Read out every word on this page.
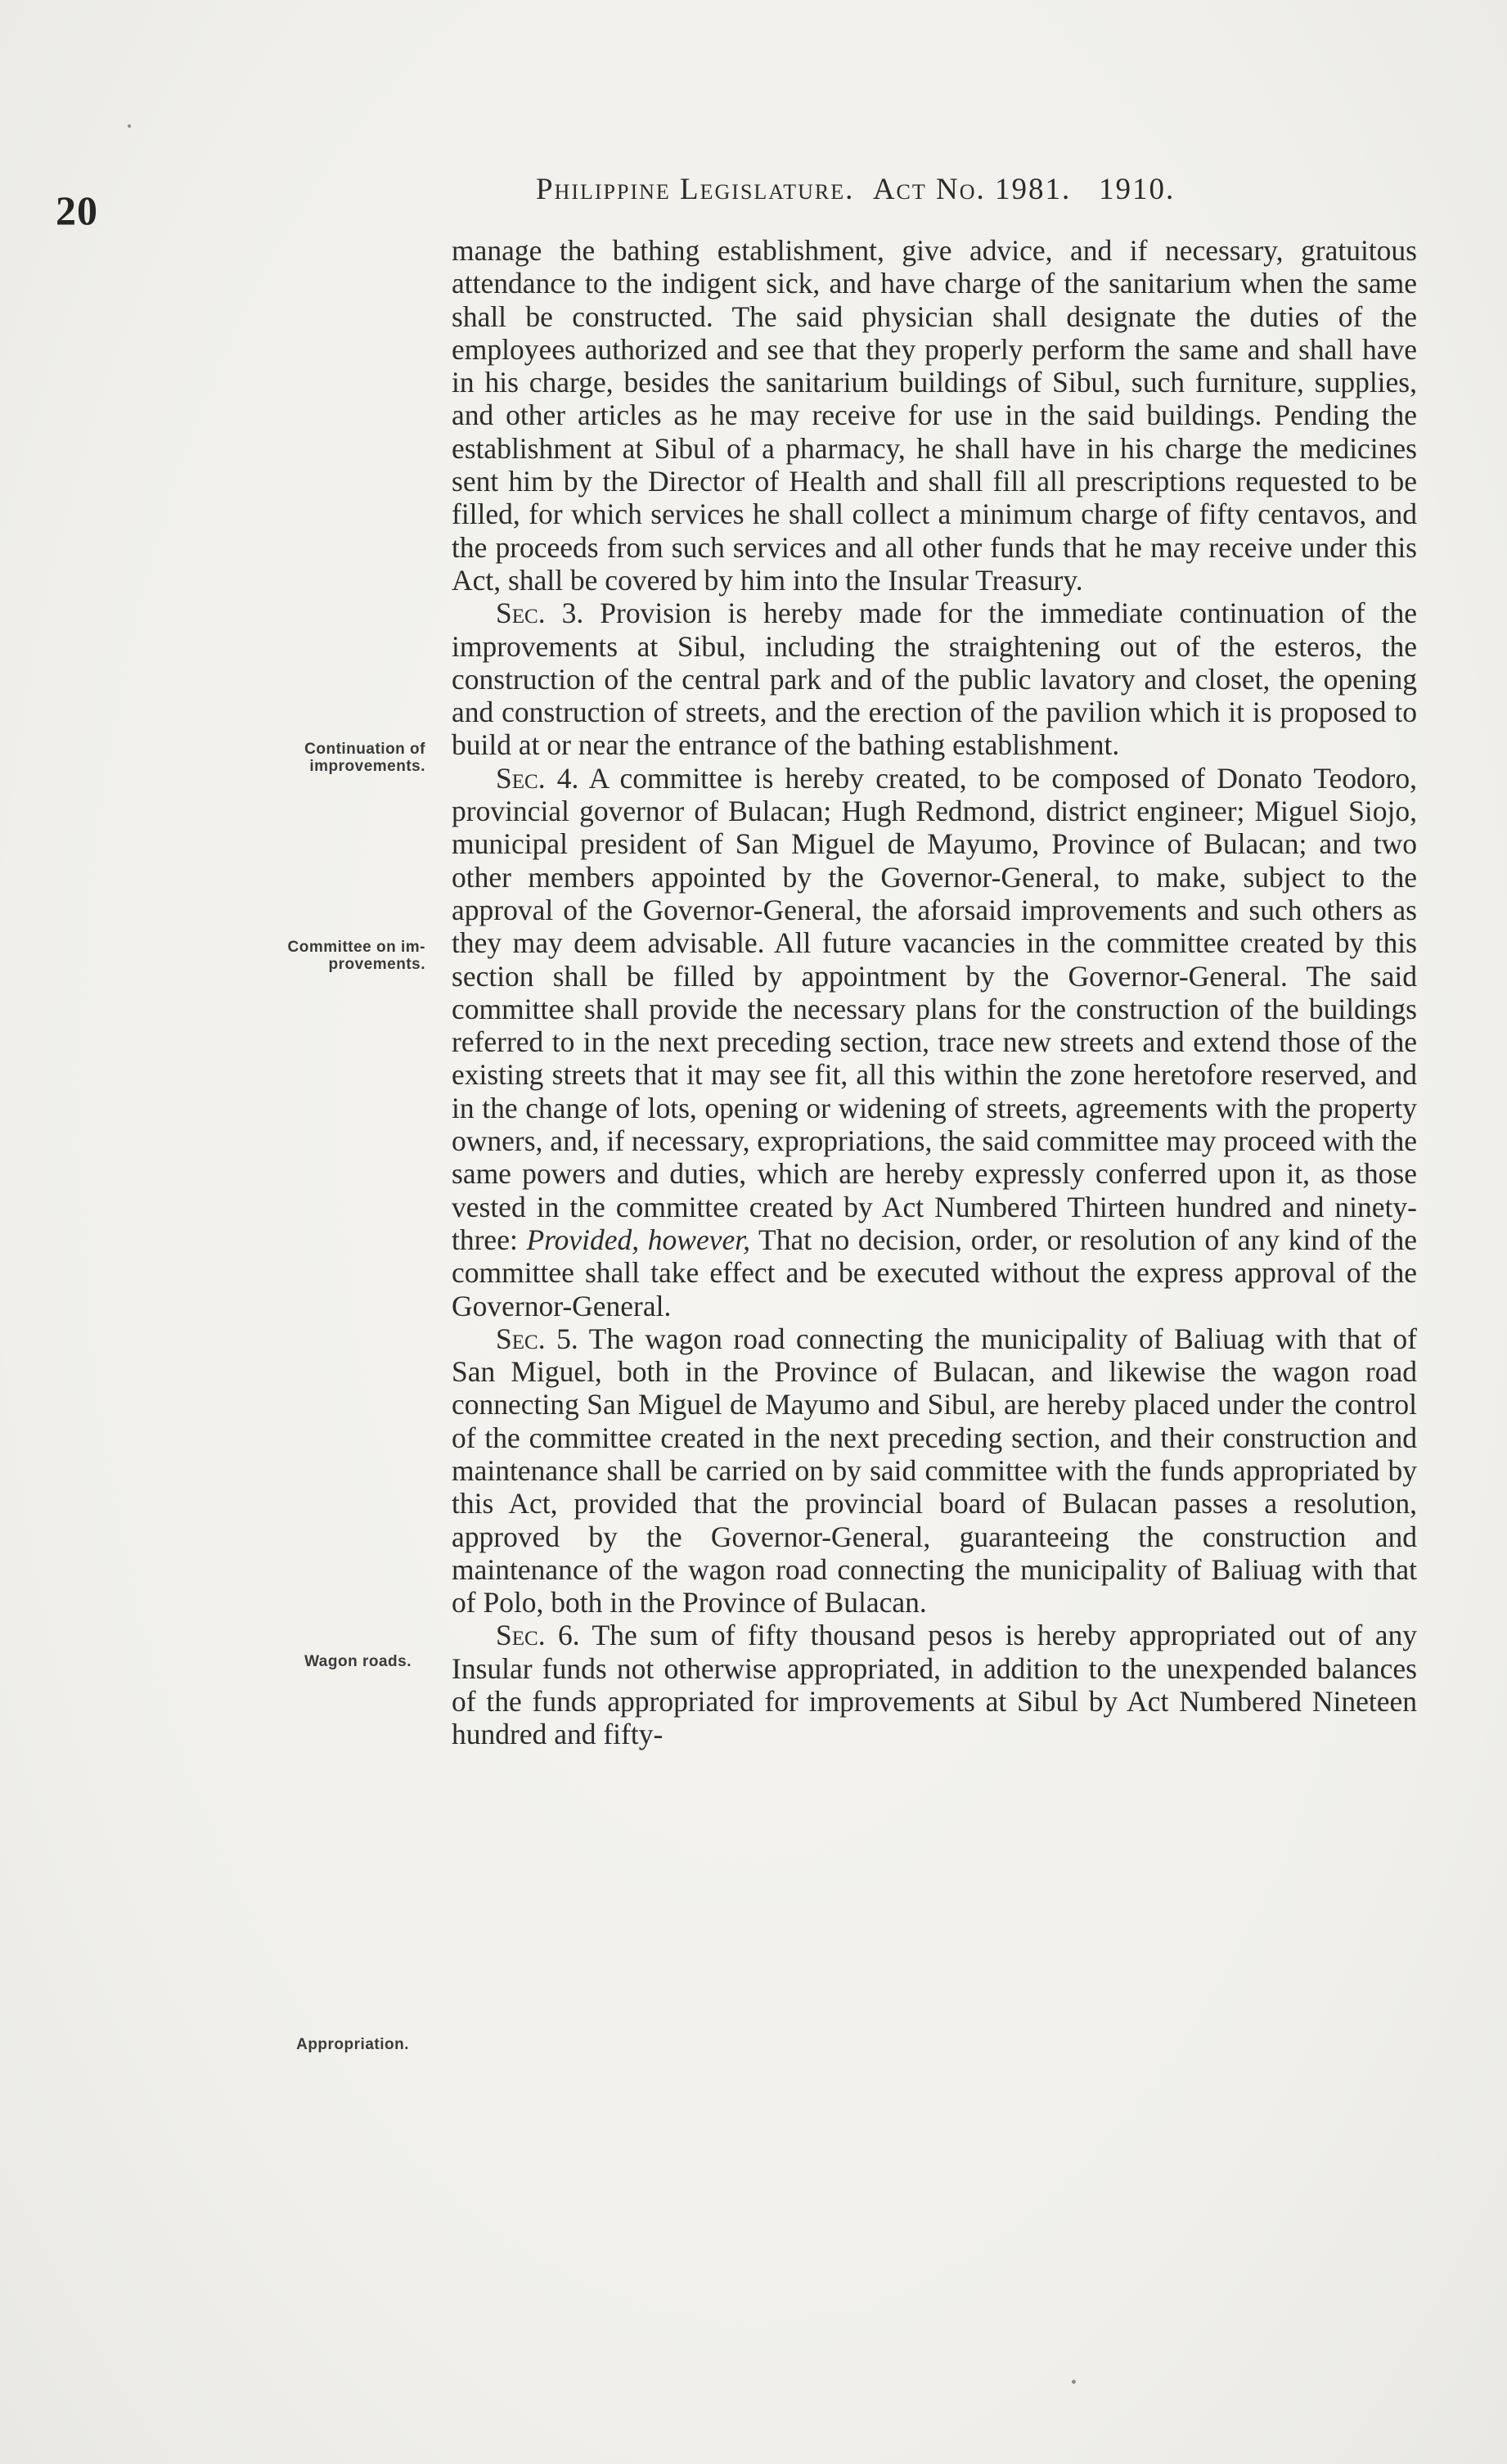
20	Philippine Legislature. Act No. 1981. 1910.
Continuation of
improvements.
Committee on im-
provements.
Wagon roads.
Appropriation.

manage the bathing establishment, give advice, and if necessary, gratuitous attendance to the indigent sick, and have charge of the sanitarium when the same shall be constructed. The said physician shall designate the duties of the employees authorized and see that they properly perform the same and shall have in his charge, besides the sanitarium buildings of Sibul, such furniture, supplies, and other articles as he may receive for use in the said buildings. Pending the establishment at Sibul of a pharmacy, he shall have in his charge the medicines sent him by the Director of Health and shall fill all prescriptions requested to be filled, for which services he shall collect a minimum charge of fifty centavos, and the proceeds from such services and all other funds that he may receive under this Act, shall be covered by him into the Insular Treasury.

Sec. 3. Provision is hereby made for the immediate continuation of the improvements at Sibul, including the straightening out of the esteros, the construction of the central park and of the public lavatory and closet, the opening and construction of streets, and the erection of the pavilion which it is proposed to build at or near the entrance of the bathing establishment.

Sec. 4. A committee is hereby created, to be composed of Donato Teodoro, provincial governor of Bulacan; Hugh Redmond, district engineer; Miguel Siojo, municipal president of San Miguel de Mayumo, Province of Bulacan; and two other members appointed by the Governor-General, to make, subject to the approval of the Governor-General, the aforsaid improvements and such others as they may deem advisable. All future vacancies in the committee created by this section shall be filled by appointment by the Governor-General. The said committee shall provide the necessary plans for the construction of the buildings referred to in the next preceding section, trace new streets and extend those of the existing streets that it may see fit, all this within the zone heretofore reserved, and in the change of lots, opening or widening of streets, agreements with the property owners, and, if necessary, expropriations, the said committee may proceed with the same powers and duties, which are hereby expressly conferred upon it, as those vested in the committee created by Act Numbered Thirteen hundred and ninety-three: Provided, however, That no decision, order, or resolution of any kind of the committee shall take effect and be executed without the express approval of the Governor-General.

Sec. 5. The wagon road connecting the municipality of Baliuag with that of San Miguel, both in the Province of Bulacan, and likewise the wagon road connecting San Miguel de Mayumo and Sibul, are hereby placed under the control of the committee created in the next preceding section, and their construction and maintenance shall be carried on by said committee with the funds appropriated by this Act, provided that the provincial board of Bulacan passes a resolution, approved by the Governor-General, guaranteeing the construction and maintenance of the wagon road connecting the municipality of Baliuag with that of Polo, both in the Province of Bulacan.

Sec. 6. The sum of fifty thousand pesos is hereby appropriated out of any Insular funds not otherwise appropriated, in addition to the unexpended balances of the funds appropriated for improvements at Sibul by Act Numbered Nineteen hundred and fifty-
